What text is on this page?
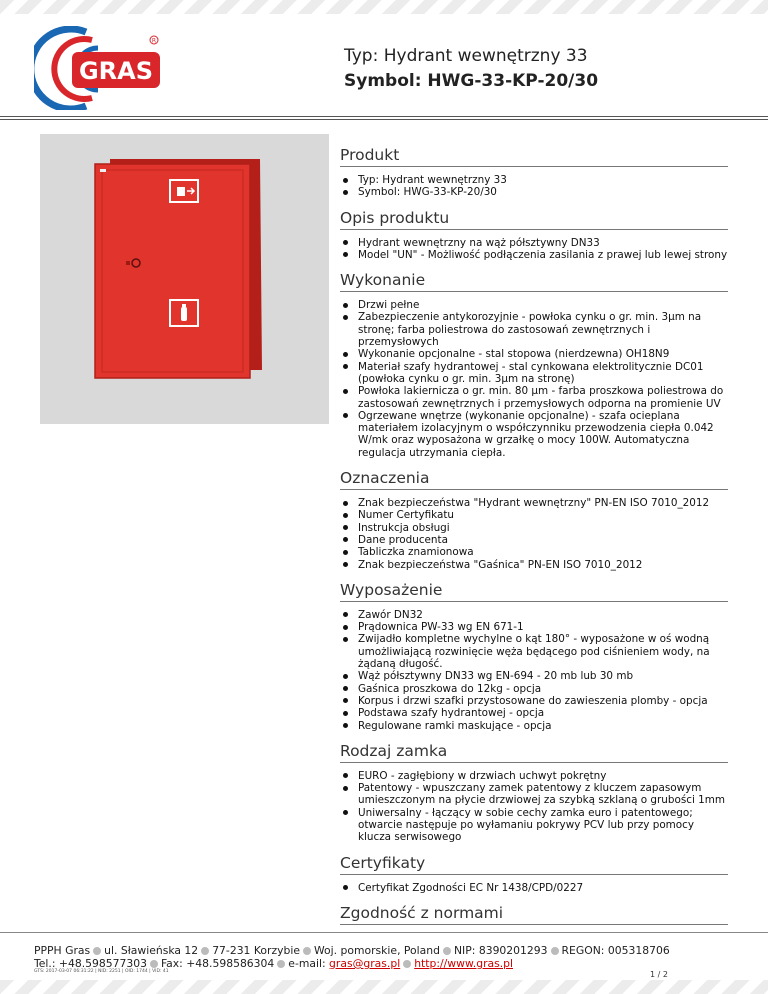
GRAS
R
Typ: Hydrant wewnętrzny 33
Symbol: HWG-33-KP-20/30
Produkt
Typ: Hydrant wewnętrzny 33
Symbol: HWG-33-KP-20/30
Opis produktu
Hydrant wewnętrzny na wąż półsztywny DN33
Model "UN" - Możliwość podłączenia zasilania z prawej lub lewej strony
Wykonanie
Drzwi pełne
Zabezpieczenie antykorozyjnie - powłoka cynku o gr. min. 3µm na stronę; farba poliestrowa do zastosowań zewnętrznych i przemysłowych
Wykonanie opcjonalne - stal stopowa (nierdzewna) OH18N9
Materiał szafy hydrantowej - stal cynkowana elektrolitycznie DC01 (powłoka cynku o gr. min. 3µm na stronę)
Powłoka lakiernicza o gr. min. 80 µm - farba proszkowa poliestrowa do zastosowań zewnętrznych i przemysłowych odporna na promienie UV
Ogrzewane wnętrze (wykonanie opcjonalne) - szafa ocieplana materiałem izolacyjnym o współczynniku przewodzenia ciepła 0.042 W/mk oraz wyposażona w grzałkę o mocy 100W. Automatyczna regulacja utrzymania ciepła.
Oznaczenia
Znak bezpieczeństwa "Hydrant wewnętrzny" PN-EN ISO 7010_2012
Numer Certyfikatu
Instrukcja obsługi
Dane producenta
Tabliczka znamionowa
Znak bezpieczeństwa "Gaśnica" PN-EN ISO 7010_2012
Wyposażenie
Zawór DN32
Prądownica PW-33 wg EN 671-1
Zwijadło kompletne wychylne o kąt 180° - wyposażone w oś wodną umożliwiającą rozwinięcie węża będącego pod ciśnieniem wody, na żądaną długość.
Wąż półsztywny DN33 wg EN-694 - 20 mb lub 30 mb
Gaśnica proszkowa do 12kg - opcja
Korpus i drzwi szafki przystosowane do zawieszenia plomby - opcja
Podstawa szafy hydrantowej - opcja
Regulowane ramki maskujące - opcja
Rodzaj zamka
EURO - zagłębiony w drzwiach uchwyt pokrętny
Patentowy - wpuszczany zamek patentowy z kluczem zapasowym umieszczonym na płycie drzwiowej za szybką szklaną o grubości 1mm
Uniwersalny - łączący w sobie cechy zamka euro i patentowego; otwarcie następuje po wyłamaniu pokrywy PCV lub przy pomocy klucza serwisowego
Certyfikaty
Certyfikat Zgodności EC Nr 1438/CPD/0227
Zgodność z normami
PPPH Gras ul. Sławieńska 12 77-231 Korzybie Woj. pomorskie, Poland NIP: 8390201293 REGON: 005318706
Tel.: +48.598577303 Fax: +48.598586304 e-mail: gras@gras.pl http://www.gras.pl
GTS: 2017-03-07 06:31:22 | NID: 2251 | OID: 1744 | VID: 41	1 / 2
